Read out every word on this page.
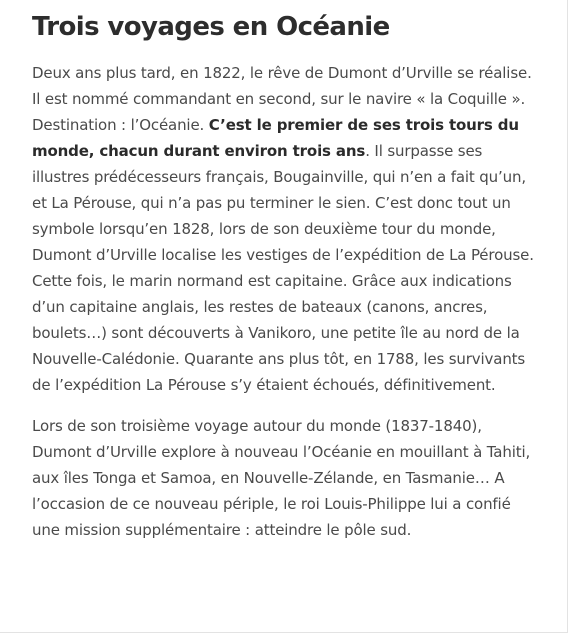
Trois voyages en Océanie

Deux ans plus tard, en 1822, le rêve de Dumont d’Urville se réalise. Il est nommé commandant en second, sur le navire « la Coquille ». Destination : l’Océanie. C’est le premier de ses trois tours du monde, chacun durant environ trois ans. Il surpasse ses illustres prédécesseurs français, Bougainville, qui n’en a fait qu’un, et La Pérouse, qui n’a pas pu terminer le sien. C’est donc tout un symbole lorsqu’en 1828, lors de son deuxième tour du monde, Dumont d’Urville localise les vestiges de l’expédition de La Pérouse. Cette fois, le marin normand est capitaine. Grâce aux indications d’un capitaine anglais, les restes de bateaux (canons, ancres, boulets…) sont découverts à Vanikoro, une petite île au nord de la Nouvelle-Calédonie. Quarante ans plus tôt, en 1788, les survivants de l’expédition La Pérouse s’y étaient échoués, définitivement.

Lors de son troisième voyage autour du monde (1837-1840), Dumont d’Urville explore à nouveau l’Océanie en mouillant à Tahiti, aux îles Tonga et Samoa, en Nouvelle-Zélande, en Tasmanie… A l’occasion de ce nouveau périple, le roi Louis-Philippe lui a confié une mission supplémentaire : atteindre le pôle sud.
